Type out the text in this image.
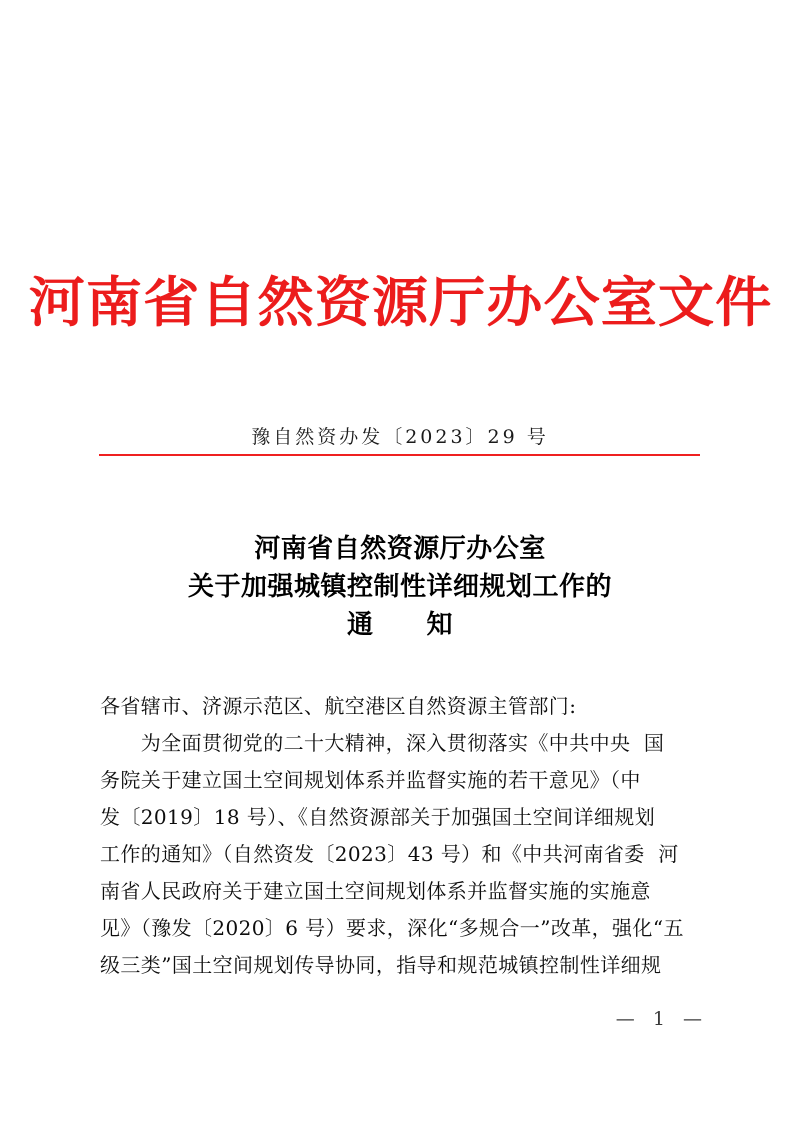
河南省自然资源厅办公室文件
豫自然资办发〔2023〕29 号
河南省自然资源厅办公室
关于加强城镇控制性详细规划工作的
通　　知
各省辖市、济源示范区、航空港区自然资源主管部门:
　　为全面贯彻党的二十大精神，深入贯彻落实《中共中央  国
务院关于建立国土空间规划体系并监督实施的若干意见》（中
发〔2019〕18 号）、《自然资源部关于加强国土空间详细规划
工作的通知》（自然资发〔2023〕43 号）和《中共河南省委  河
南省人民政府关于建立国土空间规划体系并监督实施的实施意
见》（豫发〔2020〕6 号）要求，深化“多规合一”改革，强化“五
级三类”国土空间规划传导协同，指导和规范城镇控制性详细规
—  1  —
